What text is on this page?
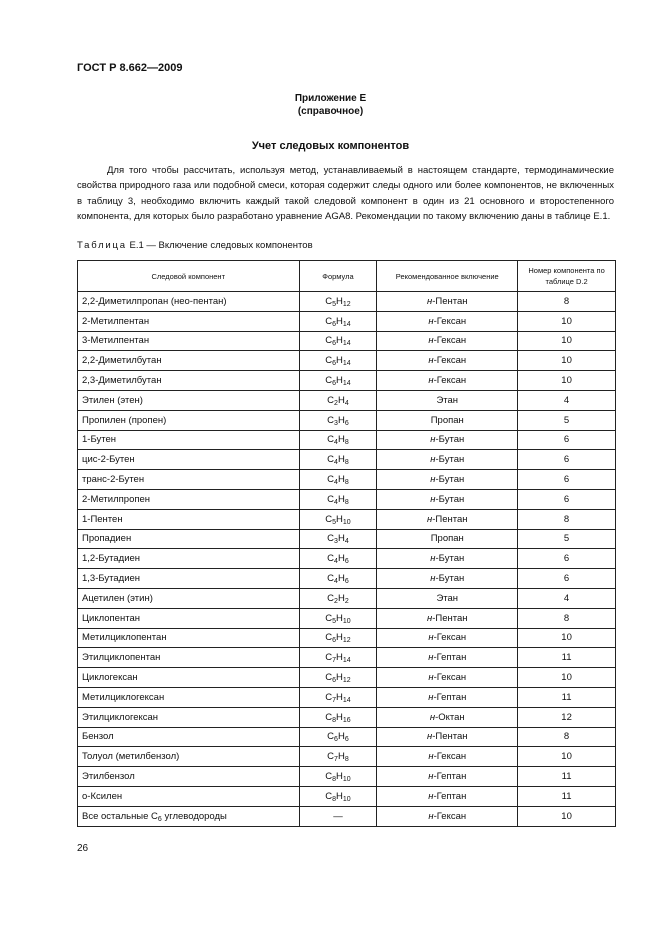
ГОСТ Р 8.662—2009
Приложение Е
(справочное)
Учет следовых компонентов

Для того чтобы рассчитать, используя метод, устанавливаемый в настоящем стандарте, термодинамические свойства природного газа или подобной смеси, которая содержит следы одного или более компонентов, не включенных в таблицу 3, необходимо включить каждый такой следовой компонент в один из 21 основного и второстепенного компонента, для которых было разработано уравнение AGA8. Рекомендации по такому включению даны в таблице Е.1.

Таблица Е.1 — Включение следовых компонентов
Следовой компонент	Формула	Рекомендованное включение	Номер компонента по таблице D.2
2,2-Диметилпропан (нео-пентан)	$C_5H_{12}$	н-Пентан	8
2-Метилпентан	$C_6H_{14}$	н-Гексан	10
3-Метилпентан	$C_6H_{14}$	н-Гексан	10
2,2-Диметилбутан	$C_6H_{14}$	н-Гексан	10
2,3-Диметилбутан	$C_6H_{14}$	н-Гексан	10
Этилен (этен)	$C_2H_4$	Этан	4
Пропилен (пропен)	$C_3H_6$	Пропан	5
1-Бутен	$C_4H_8$	н-Бутан	6
цис-2-Бутен	$C_4H_8$	н-Бутан	6
транс-2-Бутен	$C_4H_8$	н-Бутан	6
2-Метилпропен	$C_4H_8$	н-Бутан	6
1-Пентен	$C_5H_{10}$	н-Пентан	8
Пропадиен	$C_3H_4$	Пропан	5
1,2-Бутадиен	$C_4H_6$	н-Бутан	6
1,3-Бутадиен	$C_4H_6$	н-Бутан	6
Ацетилен (этин)	$C_2H_2$	Этан	4
Циклопентан	$C_5H_{10}$	н-Пентан	8
Метилциклопентан	$C_6H_{12}$	н-Гексан	10
Этилциклопентан	$C_7H_{14}$	н-Гептан	11
Циклогексан	$C_6H_{12}$	н-Гексан	10
Метилциклогексан	$C_7H_{14}$	н-Гептан	11
Этилциклогексан	$C_8H_{16}$	н-Октан	12
Бензол	$C_6H_6$	н-Пентан	8
Толуол (метилбензол)	$C_7H_8$	н-Гексан	10
Этилбензол	$C_8H_{10}$	н-Гептан	11
о-Ксилен	$C_8H_{10}$	н-Гептан	11
Все остальные $C_6$ углеводороды	—	н-Гексан	10
26
